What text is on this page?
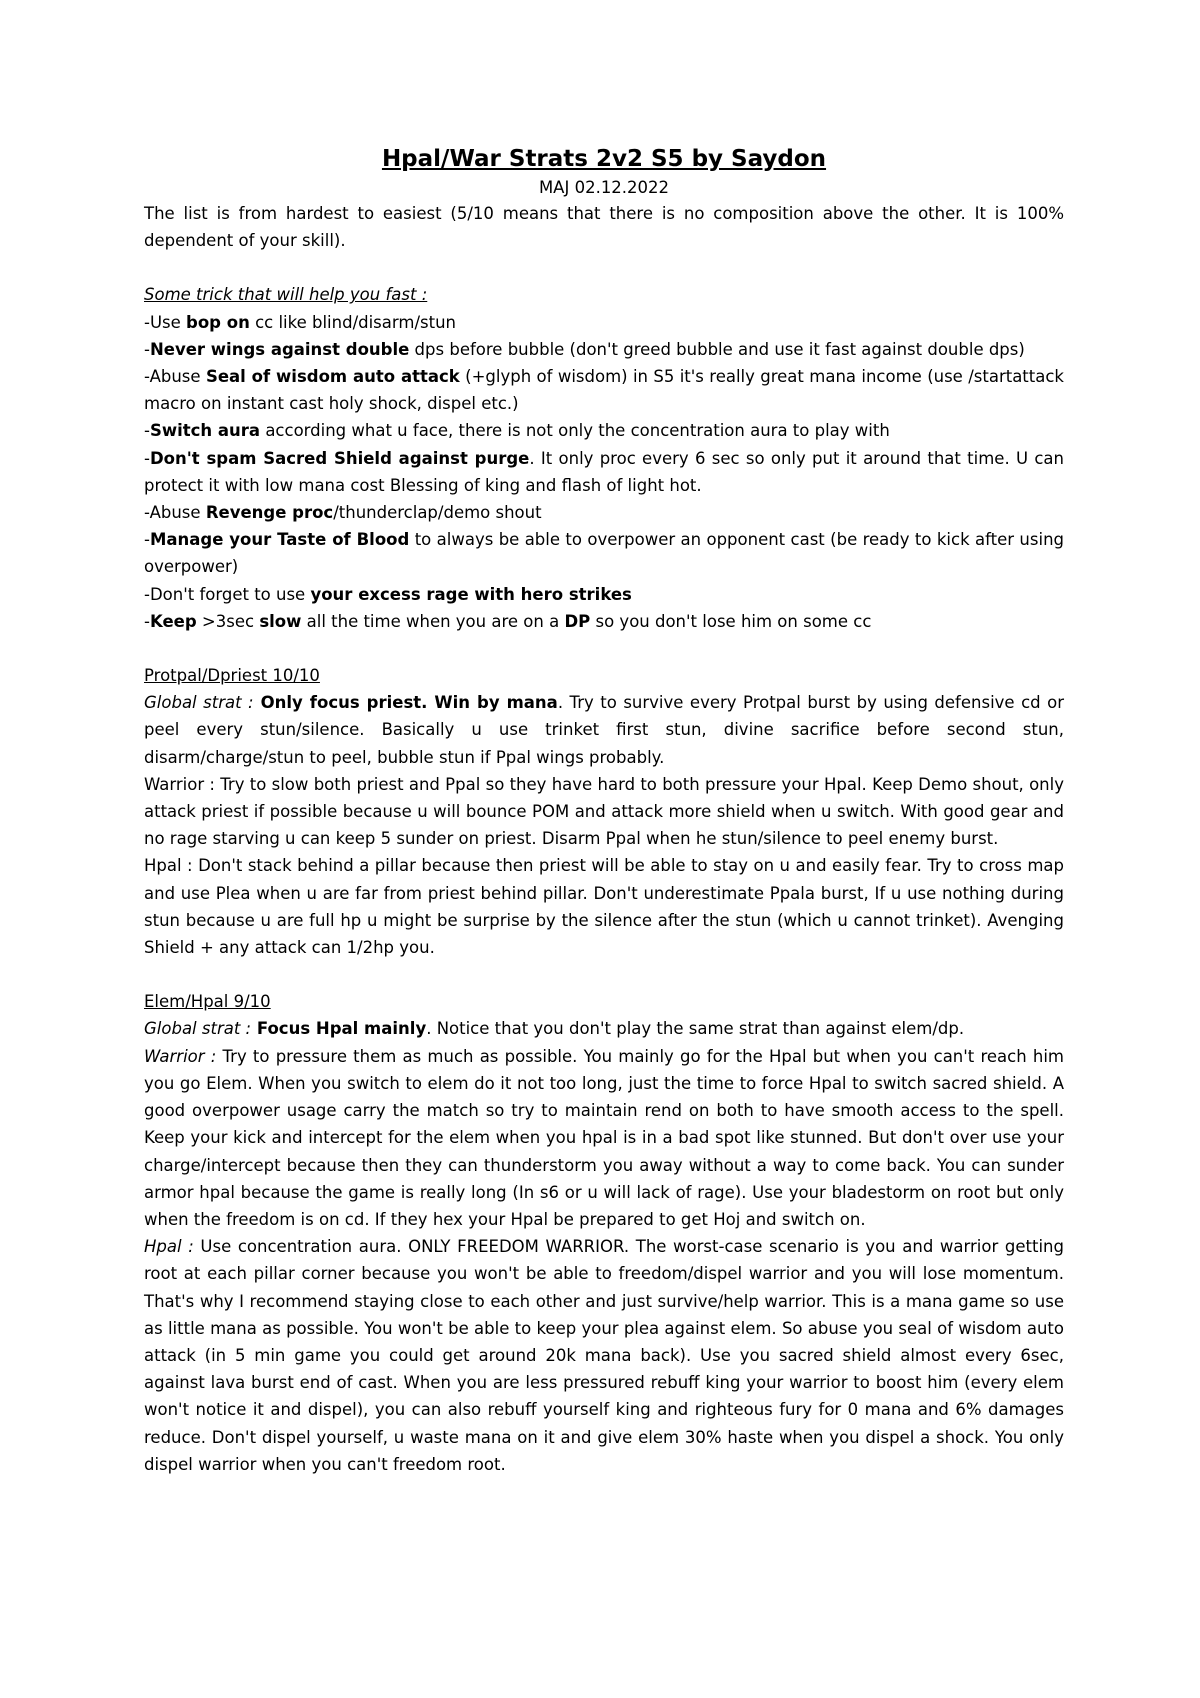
Hpal/War Strats 2v2 S5 by Saydon
MAJ 02.12.2022

The list is from hardest to easiest (5/10 means that there is no composition above the other. It is 100% dependent of your skill).

Some trick that will help you fast :

-Use bop on cc like blind/disarm/stun

-Never wings against double dps before bubble (don't greed bubble and use it fast against double dps)

-Abuse Seal of wisdom auto attack (+glyph of wisdom) in S5 it's really great mana income (use /startattack macro on instant cast holy shock, dispel etc.)

-Switch aura according what u face, there is not only the concentration aura to play with

-Don't spam Sacred Shield against purge. It only proc every 6 sec so only put it around that time. U can protect it with low mana cost Blessing of king and flash of light hot.

-Abuse Revenge proc/thunderclap/demo shout

-Manage your Taste of Blood to always be able to overpower an opponent cast (be ready to kick after using overpower)

-Don't forget to use your excess rage with hero strikes

-Keep >3sec slow all the time when you are on a DP so you don't lose him on some cc

Protpal/Dpriest 10/10

Global strat : Only focus priest. Win by mana. Try to survive every Protpal burst by using defensive cd or peel every stun/silence. Basically u use trinket first stun, divine sacrifice before second stun, disarm/charge/stun to peel, bubble stun if Ppal wings probably.

Warrior : Try to slow both priest and Ppal so they have hard to both pressure your Hpal. Keep Demo shout, only attack priest if possible because u will bounce POM and attack more shield when u switch. With good gear and no rage starving u can keep 5 sunder on priest. Disarm Ppal when he stun/silence to peel enemy burst.

Hpal : Don't stack behind a pillar because then priest will be able to stay on u and easily fear. Try to cross map and use Plea when u are far from priest behind pillar. Don't underestimate Ppala burst, If u use nothing during stun because u are full hp u might be surprise by the silence after the stun (which u cannot trinket). Avenging Shield + any attack can 1/2hp you.

Elem/Hpal 9/10

Global strat : Focus Hpal mainly. Notice that you don't play the same strat than against elem/dp.

Warrior : Try to pressure them as much as possible. You mainly go for the Hpal but when you can't reach him you go Elem. When you switch to elem do it not too long, just the time to force Hpal to switch sacred shield. A good overpower usage carry the match so try to maintain rend on both to have smooth access to the spell. Keep your kick and intercept for the elem when you hpal is in a bad spot like stunned. But don't over use your charge/intercept because then they can thunderstorm you away without a way to come back. You can sunder armor hpal because the game is really long (In s6 or u will lack of rage). Use your bladestorm on root but only when the freedom is on cd. If they hex your Hpal be prepared to get Hoj and switch on.

Hpal : Use concentration aura. ONLY FREEDOM WARRIOR. The worst-case scenario is you and warrior getting root at each pillar corner because you won't be able to freedom/dispel warrior and you will lose momentum. That's why I recommend staying close to each other and just survive/help warrior. This is a mana game so use as little mana as possible. You won't be able to keep your plea against elem. So abuse you seal of wisdom auto attack (in 5 min game you could get around 20k mana back). Use you sacred shield almost every 6sec, against lava burst end of cast. When you are less pressured rebuff king your warrior to boost him (every elem won't notice it and dispel), you can also rebuff yourself king and righteous fury for 0 mana and 6% damages reduce. Don't dispel yourself, u waste mana on it and give elem 30% haste when you dispel a shock. You only dispel warrior when you can't freedom root.
